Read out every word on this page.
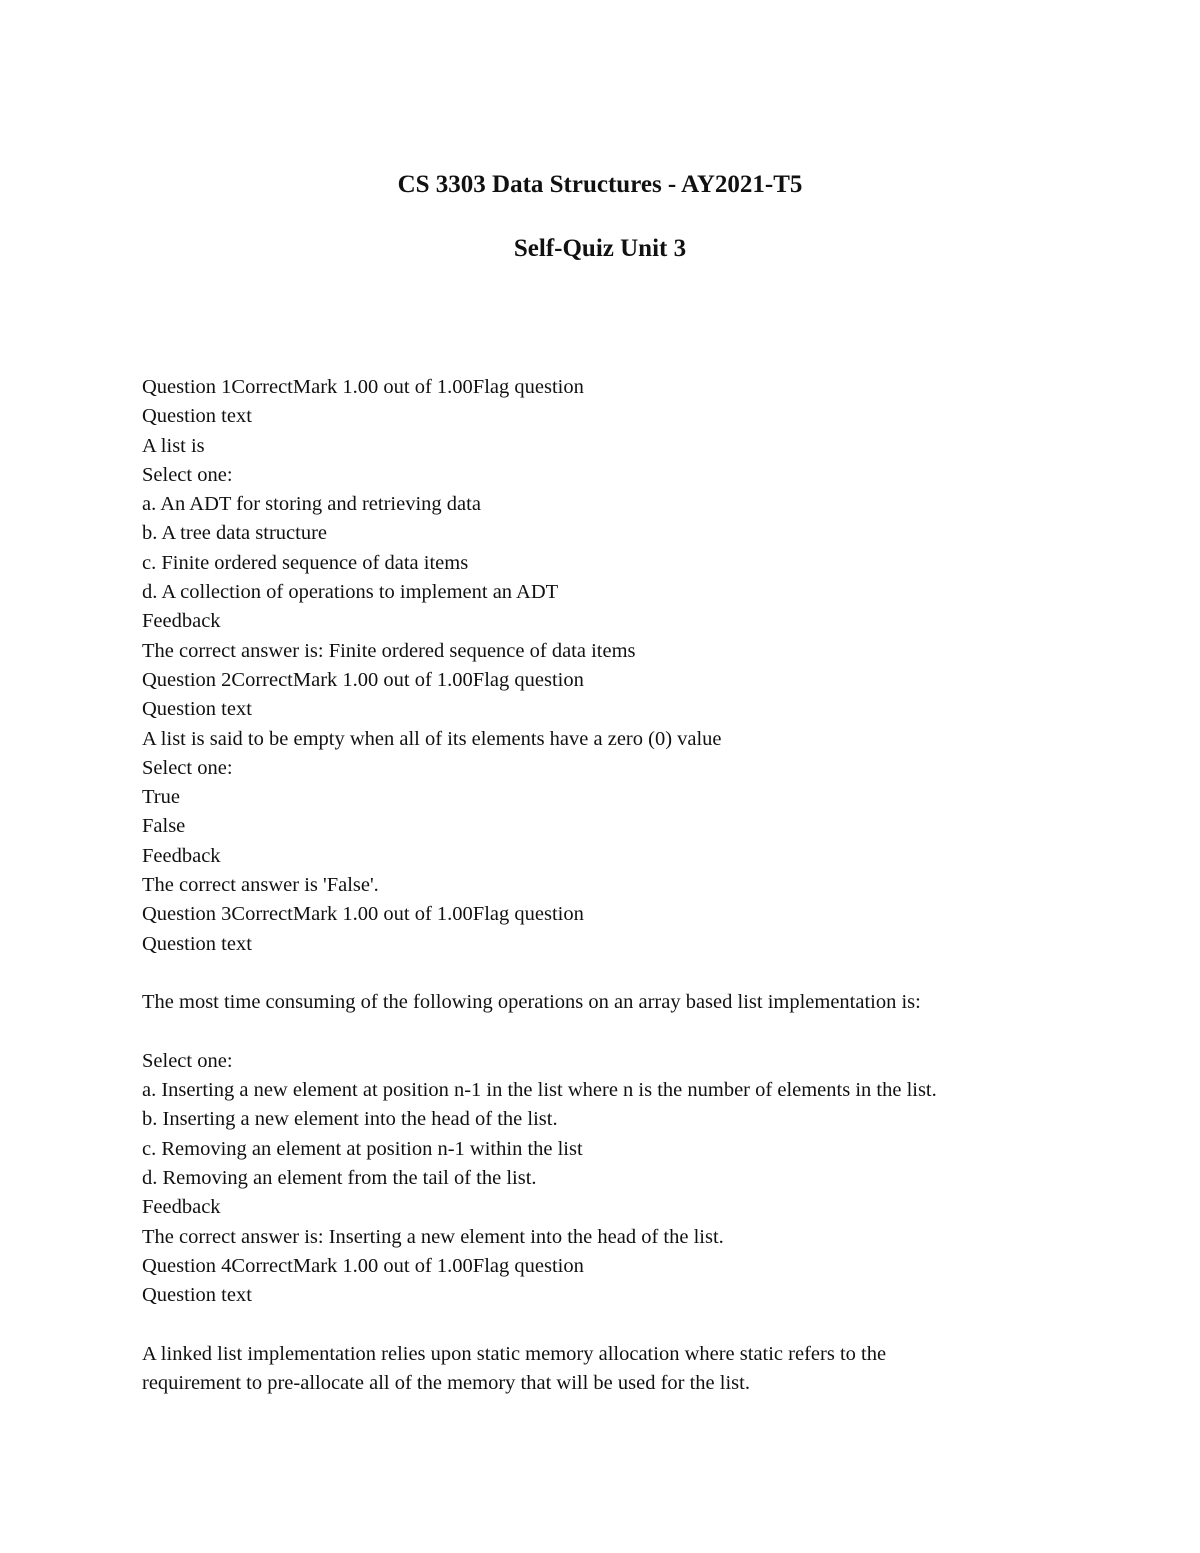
CS 3303 Data Structures - AY2021-T5
Self-Quiz Unit 3

Question 1CorrectMark 1.00 out of 1.00Flag question

Question text

A list is

Select one:

a. An ADT for storing and retrieving data

b. A tree data structure

c. Finite ordered sequence of data items

d. A collection of operations to implement an ADT

Feedback

The correct answer is: Finite ordered sequence of data items

Question 2CorrectMark 1.00 out of 1.00Flag question

Question text

A list is said to be empty when all of its elements have a zero (0) value

Select one:

True

False

Feedback

The correct answer is 'False'.

Question 3CorrectMark 1.00 out of 1.00Flag question

Question text

The most time consuming of the following operations on an array based list implementation is:

Select one:

a. Inserting a new element at position n-1 in the list where n is the number of elements in the list.

b. Inserting a new element into the head of the list.

c. Removing an element at position n-1 within the list

d. Removing an element from the tail of the list.

Feedback

The correct answer is: Inserting a new element into the head of the list.

Question 4CorrectMark 1.00 out of 1.00Flag question

Question text

A linked list implementation relies upon static memory allocation where static refers to the

requirement to pre-allocate all of the memory that will be used for the list.
